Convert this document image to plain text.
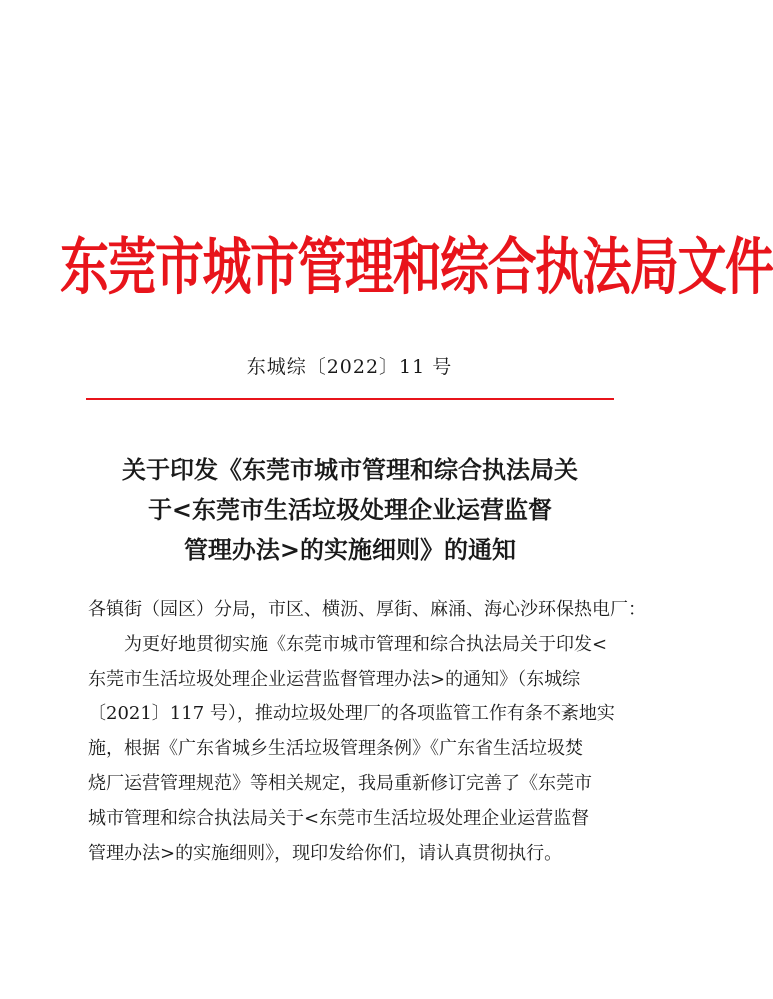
东莞市城市管理和综合执法局文件
东城综〔2022〕11 号
关于印发《东莞市城市管理和综合执法局关
于<东莞市生活垃圾处理企业运营监督
管理办法>的实施细则》的通知
各镇街（园区）分局，市区、横沥、厚街、麻涌、海心沙环保热电厂：
为更好地贯彻实施《东莞市城市管理和综合执法局关于印发<
东莞市生活垃圾处理企业运营监督管理办法>的通知》（东城综
〔2021〕117 号），推动垃圾处理厂的各项监管工作有条不紊地实
施，根据《广东省城乡生活垃圾管理条例》《广东省生活垃圾焚
烧厂运营管理规范》等相关规定，我局重新修订完善了《东莞市
城市管理和综合执法局关于<东莞市生活垃圾处理企业运营监督
管理办法>的实施细则》，现印发给你们，请认真贯彻执行。
